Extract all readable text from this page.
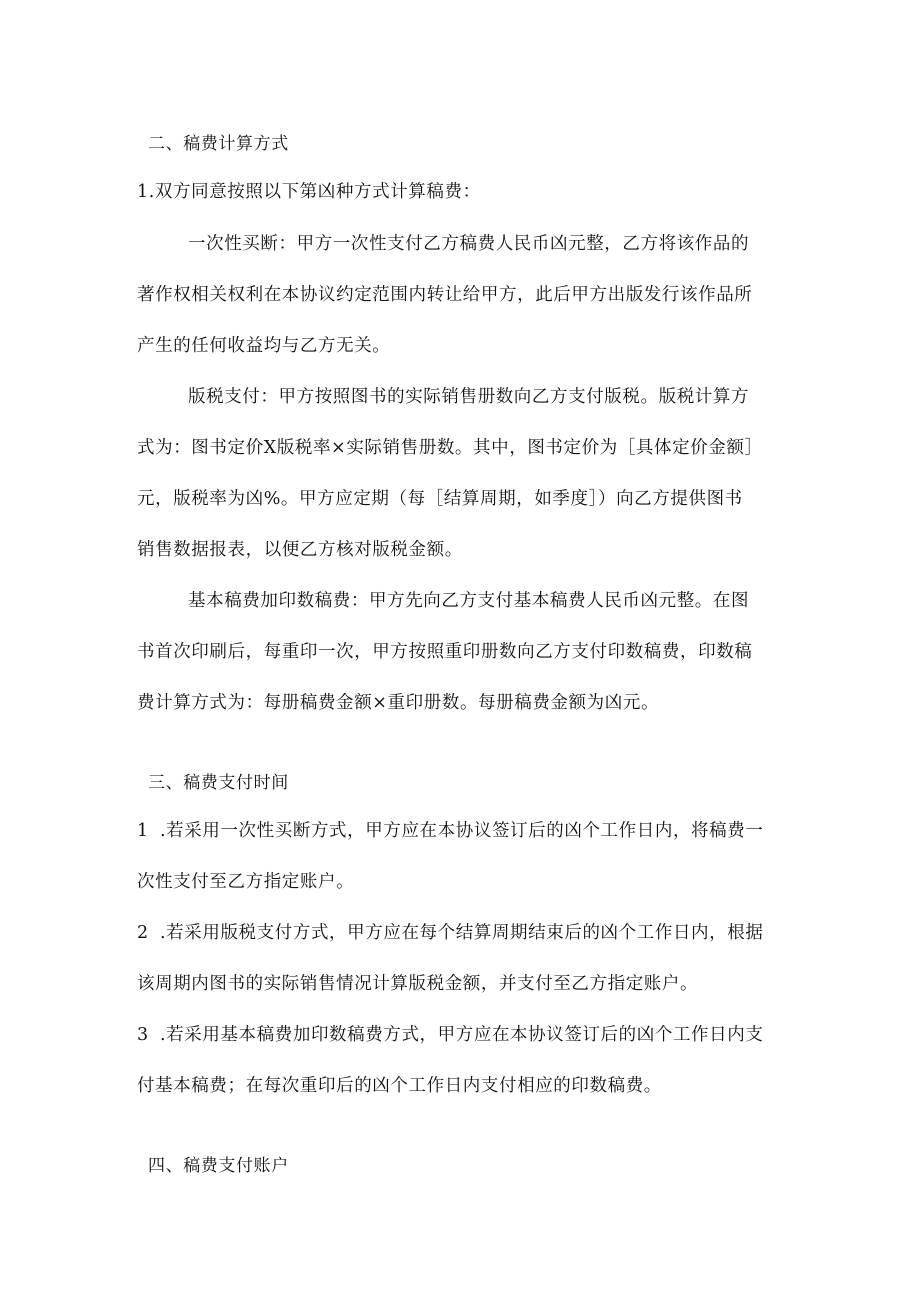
二、稿费计算方式
1.双方同意按照以下第凶种方式计算稿费：
一次性买断：甲方一次性支付乙方稿费人民币凶元整，乙方将该作品的
著作权相关权利在本协议约定范围内转让给甲方，此后甲方出版发行该作品所
产生的任何收益均与乙方无关。
版税支付：甲方按照图书的实际销售册数向乙方支付版税。版税计算方
式为：图书定价X版税率×实际销售册数。其中，图书定价为［具体定价金额］
元，版税率为凶%。甲方应定期（每［结算周期，如季度］）向乙方提供图书
销售数据报表，以便乙方核对版税金额。
基本稿费加印数稿费：甲方先向乙方支付基本稿费人民币凶元整。在图
书首次印刷后，每重印一次，甲方按照重印册数向乙方支付印数稿费，印数稿
费计算方式为：每册稿费金额×重印册数。每册稿费金额为凶元。
三、稿费支付时间
1 .若采用一次性买断方式，甲方应在本协议签订后的凶个工作日内，将稿费一
次性支付至乙方指定账户。
2 .若采用版税支付方式，甲方应在每个结算周期结束后的凶个工作日内，根据
该周期内图书的实际销售情况计算版税金额，并支付至乙方指定账户。
3 .若采用基本稿费加印数稿费方式，甲方应在本协议签订后的凶个工作日内支
付基本稿费；在每次重印后的凶个工作日内支付相应的印数稿费。
四、稿费支付账户
